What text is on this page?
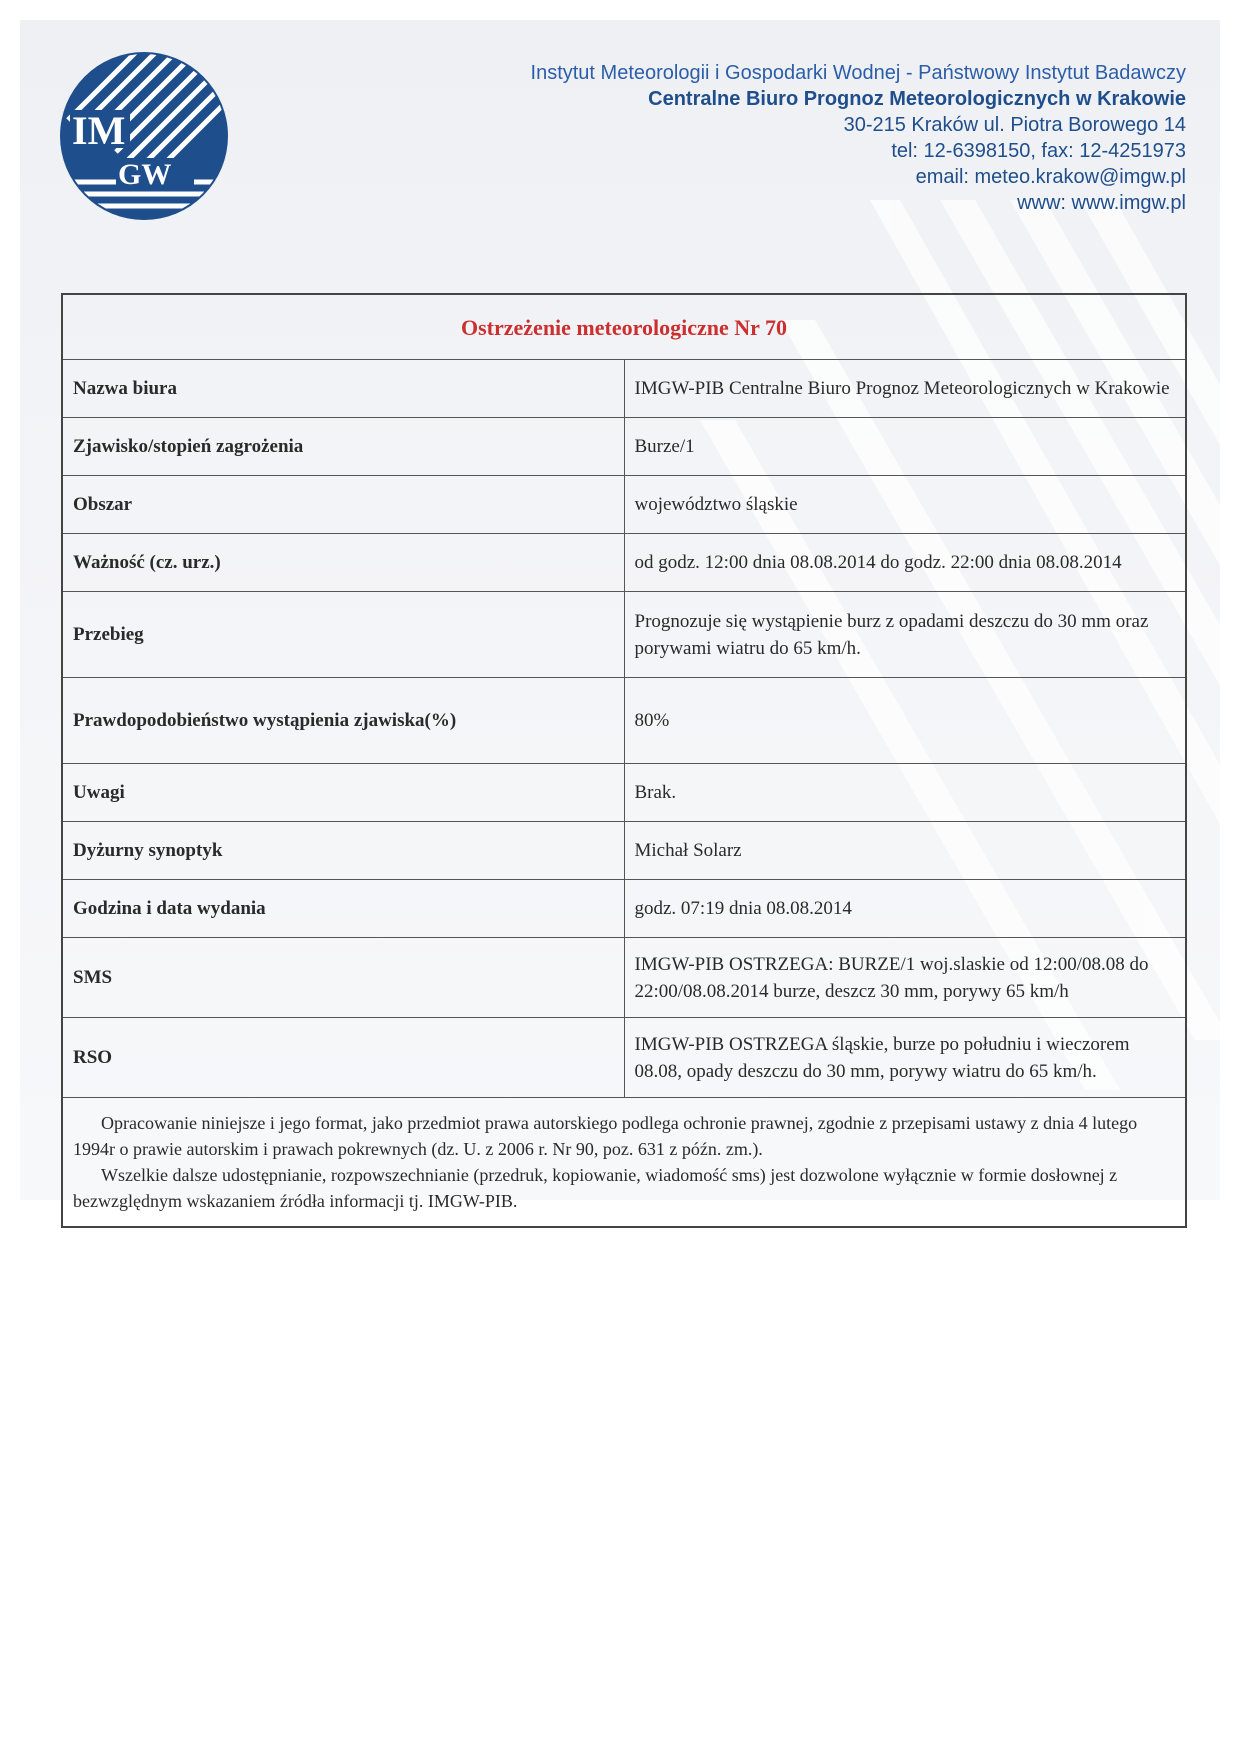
IM
GW
Instytut Meteorologii i Gospodarki Wodnej - Państwowy Instytut Badawczy
Centralne Biuro Prognoz Meteorologicznych w Krakowie
30-215 Kraków ul. Piotra Borowego 14
tel: 12-6398150, fax: 12-4251973
email: meteo.krakow@imgw.pl
www: www.imgw.pl
Ostrzeżenie meteorologiczne Nr 70	
Nazwa biura	IMGW-PIB Centralne Biuro Prognoz Meteorologicznych w Krakowie
Zjawisko/stopień zagrożenia	Burze/1
Obszar	województwo śląskie
Ważność (cz. urz.)	od godz. 12:00 dnia 08.08.2014 do godz. 22:00 dnia 08.08.2014
Przebieg	Prognozuje się wystąpienie burz z opadami deszczu do 30 mm oraz porywami wiatru do 65 km/h.
Prawdopodobieństwo wystąpienia zjawiska(%)	80%
Uwagi	Brak.
Dyżurny synoptyk	Michał Solarz
Godzina i data wydania	godz. 07:19 dnia 08.08.2014
SMS	IMGW-PIB OSTRZEGA: BURZE/1 woj.slaskie od 12:00/08.08 do 22:00/08.08.2014 burze, deszcz 30 mm, porywy 65 km/h
RSO	IMGW-PIB OSTRZEGA śląskie, burze po południu i wieczorem 08.08, opady deszczu do 30 mm, porywy wiatru do 65 km/h.

Opracowanie niniejsze i jego format, jako przedmiot prawa autorskiego podlega ochronie prawnej, zgodnie z przepisami ustawy z dnia 4 lutego 1994r o prawie autorskim i prawach pokrewnych (dz. U. z 2006 r. Nr 90, poz. 631 z późn. zm.).

Wszelkie dalsze udostępnianie, rozpowszechnianie (przedruk, kopiowanie, wiadomość sms) jest dozwolone wyłącznie w formie dosłownej z bezwzględnym wskazaniem źródła informacji tj. IMGW-PIB.	
